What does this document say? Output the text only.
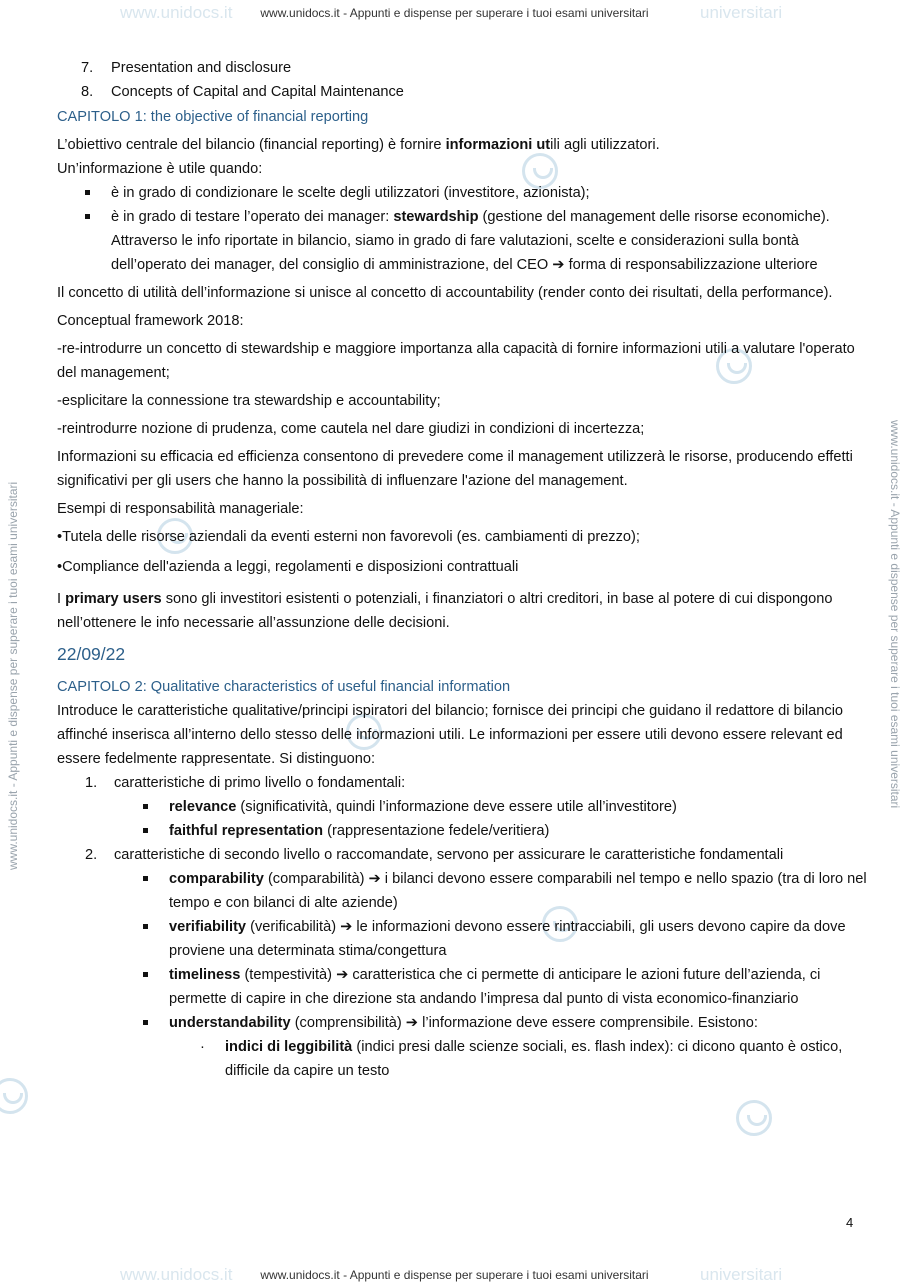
www.unidocs.it	universitari
www.unidocs.it - Appunti e dispense per superare i tuoi esami universitari
www.unidocs.it - Appunti e dispense per superare i tuoi esami universitari	www.unidocs.it - Appunti e dispense per superare i tuoi esami universitari
7. Presentation and disclosure
8. Concepts of Capital and Capital Maintenance
CAPITOLO 1: the objective of financial reporting
L’obiettivo centrale del bilancio (financial reporting) è fornire informazioni utili agli utilizzatori.
Un’informazione è utile quando:
è in grado di condizionare le scelte degli utilizzatori (investitore, azionista);
è in grado di testare l’operato dei manager: stewardship (gestione del management delle risorse economiche). Attraverso le info riportate in bilancio, siamo in grado di fare valutazioni, scelte e considerazioni sulla bontà dell’operato dei manager, del consiglio di amministrazione, del CEO ➔ forma di responsabilizzazione ulteriore
Il concetto di utilità dell’informazione si unisce al concetto di accountability (render conto dei risultati, della performance).
Conceptual framework 2018:
-re-introdurre un concetto di stewardship e maggiore importanza alla capacità di fornire informazioni utili a valutare l'operato del management;
-esplicitare la connessione tra stewardship e accountability;
-reintrodurre nozione di prudenza, come cautela nel dare giudizi in condizioni di incertezza;
Informazioni su efficacia ed efficienza consentono di prevedere come il management utilizzerà le risorse, producendo effetti significativi per gli users che hanno la possibilità di influenzare l'azione del management.
Esempi di responsabilità manageriale:
•Tutela delle risorse aziendali da eventi esterni non favorevoli (es. cambiamenti di prezzo);
•Compliance dell'azienda a leggi, regolamenti e disposizioni contrattuali
I primary users sono gli investitori esistenti o potenziali, i finanziatori o altri creditori, in base al potere di cui dispongono nell’ottenere le info necessarie all’assunzione delle decisioni.
22/09/22
CAPITOLO 2: Qualitative characteristics of useful financial information
Introduce le caratteristiche qualitative/principi ispiratori del bilancio; fornisce dei principi che guidano il redattore di bilancio affinché inserisca all’interno dello stesso delle informazioni utili. Le informazioni per essere utili devono essere relevant ed essere fedelmente rappresentate. Si distinguono:
1. caratteristiche di primo livello o fondamentali:
relevance (significatività, quindi l’informazione deve essere utile all’investitore)
faithful representation (rappresentazione fedele/veritiera)
2. caratteristiche di secondo livello o raccomandate, servono per assicurare le caratteristiche fondamentali
comparability (comparabilità) ➔ i bilanci devono essere comparabili nel tempo e nello spazio (tra di loro nel tempo e con bilanci di alte aziende)
verifiability (verificabilità) ➔ le informazioni devono essere rintracciabili, gli users devono capire da dove proviene una determinata stima/congettura
timeliness (tempestività) ➔ caratteristica che ci permette di anticipare le azioni future dell’azienda, ci permette di capire in che direzione sta andando l’impresa dal punto di vista economico-finanziario
understandability (comprensibilità) ➔ l’informazione deve essere comprensibile. Esistono:
· indici di leggibilità (indici presi dalle scienze sociali, es. flash index): ci dicono quanto è ostico, difficile da capire un testo
4
www.unidocs.it	universitari
www.unidocs.it - Appunti e dispense per superare i tuoi esami universitari
